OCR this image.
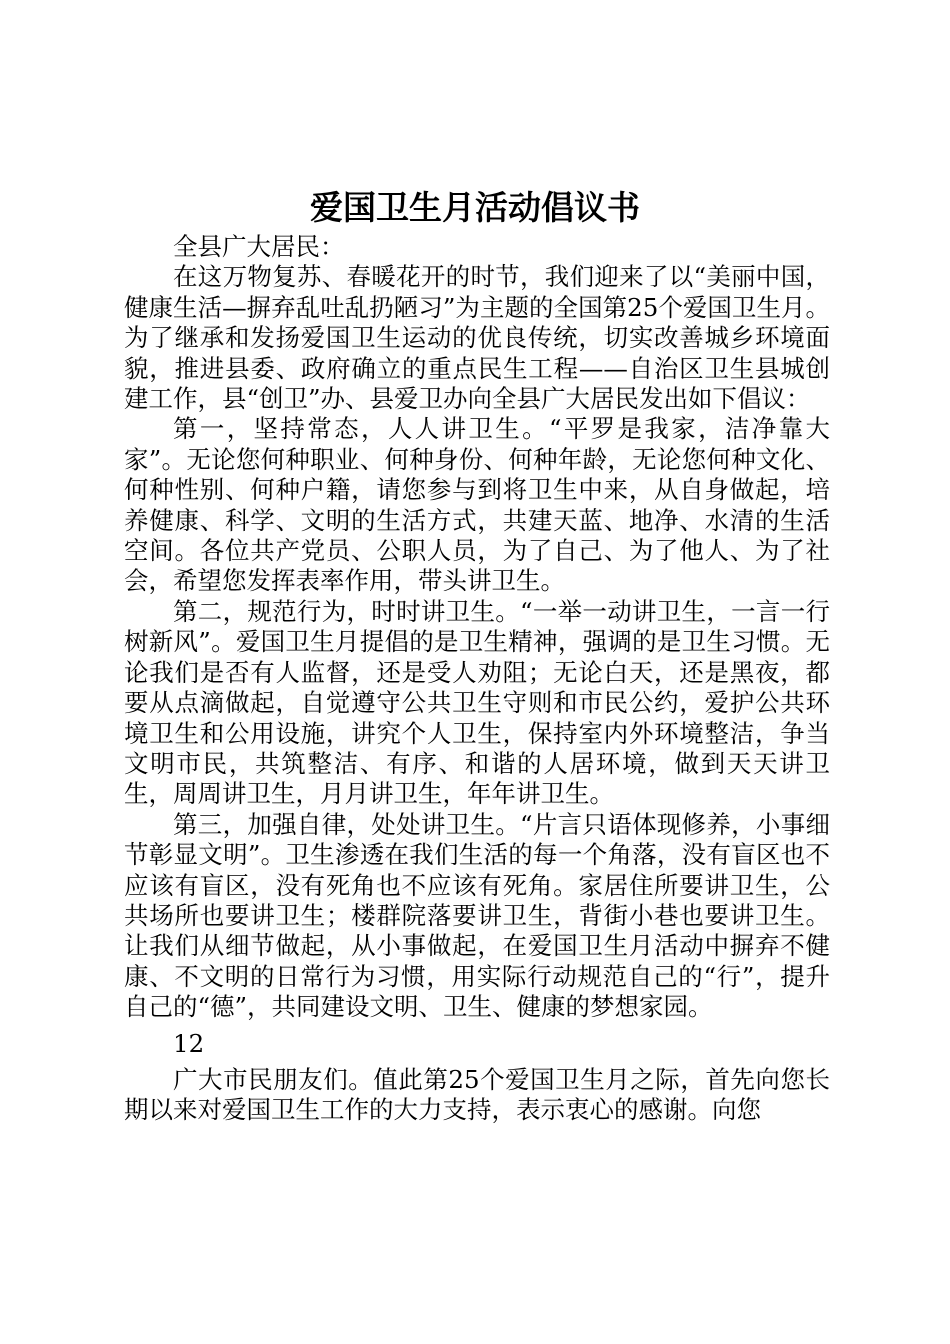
爱国卫生月活动倡议书

全县广大居民：

在这万物复苏、春暖花开的时节，我们迎来了以“美丽中国，健康生活—摒弃乱吐乱扔陋习”为主题的全国第25个爱国卫生月。为了继承和发扬爱国卫生运动的优良传统，切实改善城乡环境面貌，推进县委、政府确立的重点民生工程——自治区卫生县城创建工作，县“创卫”办、县爱卫办向全县广大居民发出如下倡议：

第一，坚持常态，人人讲卫生。“平罗是我家，洁净靠大家”。无论您何种职业、何种身份、何种年龄，无论您何种文化、何种性别、何种户籍，请您参与到将卫生中来，从自身做起，培养健康、科学、文明的生活方式，共建天蓝、地净、水清的生活空间。各位共产党员、公职人员，为了自己、为了他人、为了社会，希望您发挥表率作用，带头讲卫生。

第二，规范行为，时时讲卫生。“一举一动讲卫生，一言一行树新风”。爱国卫生月提倡的是卫生精神，强调的是卫生习惯。无论我们是否有人监督，还是受人劝阻；无论白天，还是黑夜，都要从点滴做起，自觉遵守公共卫生守则和市民公约，爱护公共环境卫生和公用设施，讲究个人卫生，保持室内外环境整洁，争当文明市民，共筑整洁、有序、和谐的人居环境，做到天天讲卫生，周周讲卫生，月月讲卫生，年年讲卫生。

第三，加强自律，处处讲卫生。“片言只语体现修养，小事细节彰显文明”。卫生渗透在我们生活的每一个角落，没有盲区也不应该有盲区，没有死角也不应该有死角。家居住所要讲卫生，公共场所也要讲卫生；楼群院落要讲卫生，背街小巷也要讲卫生。让我们从细节做起，从小事做起，在爱国卫生月活动中摒弃不健康、不文明的日常行为习惯，用实际行动规范自己的“行”，提升自己的“德”，共同建设文明、卫生、健康的梦想家园。

12

广大市民朋友们。值此第25个爱国卫生月之际，首先向您长期以来对爱国卫生工作的大力支持，表示衷心的感谢。向您
